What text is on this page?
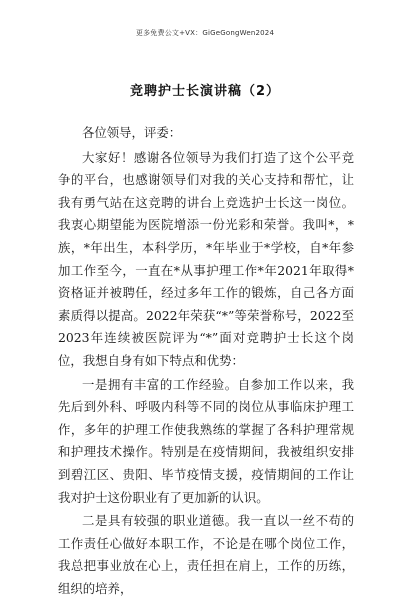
更多免费公文+VX：GiGeGongWen2024
竞聘护士长演讲稿（2）

各位领导，评委：

大家好！感谢各位领导为我们打造了这个公平竞争的平台，也感谢领导们对我的关心支持和帮忙，让我有勇气站在这竞聘的讲台上竞选护士长这一岗位。我衷心期望能为医院增添一份光彩和荣誉。我叫*，*族，*年出生，本科学历，*年毕业于*学校，自*年参加工作至今，一直在*从事护理工作*年2021年取得*资格证并被聘任，经过多年工作的锻炼，自己各方面素质得以提高。2022年荣获“*”等荣誉称号，2022至2023年连续被医院评为“*”面对竞聘护士长这个岗位，我想自身有如下特点和优势：

一是拥有丰富的工作经验。自参加工作以来，我先后到外科、呼吸内科等不同的岗位从事临床护理工作，多年的护理工作使我熟练的掌握了各科护理常规和护理技术操作。特别是在疫情期间，我被组织安排到碧江区、贵阳、毕节疫情支援，疫情期间的工作让我对护士这份职业有了更加新的认识。

二是具有较强的职业道德。我一直以一丝不苟的工作责任心做好本职工作，不论是在哪个岗位工作，我总把事业放在心上，责任担在肩上，工作的历练，组织的培养，
